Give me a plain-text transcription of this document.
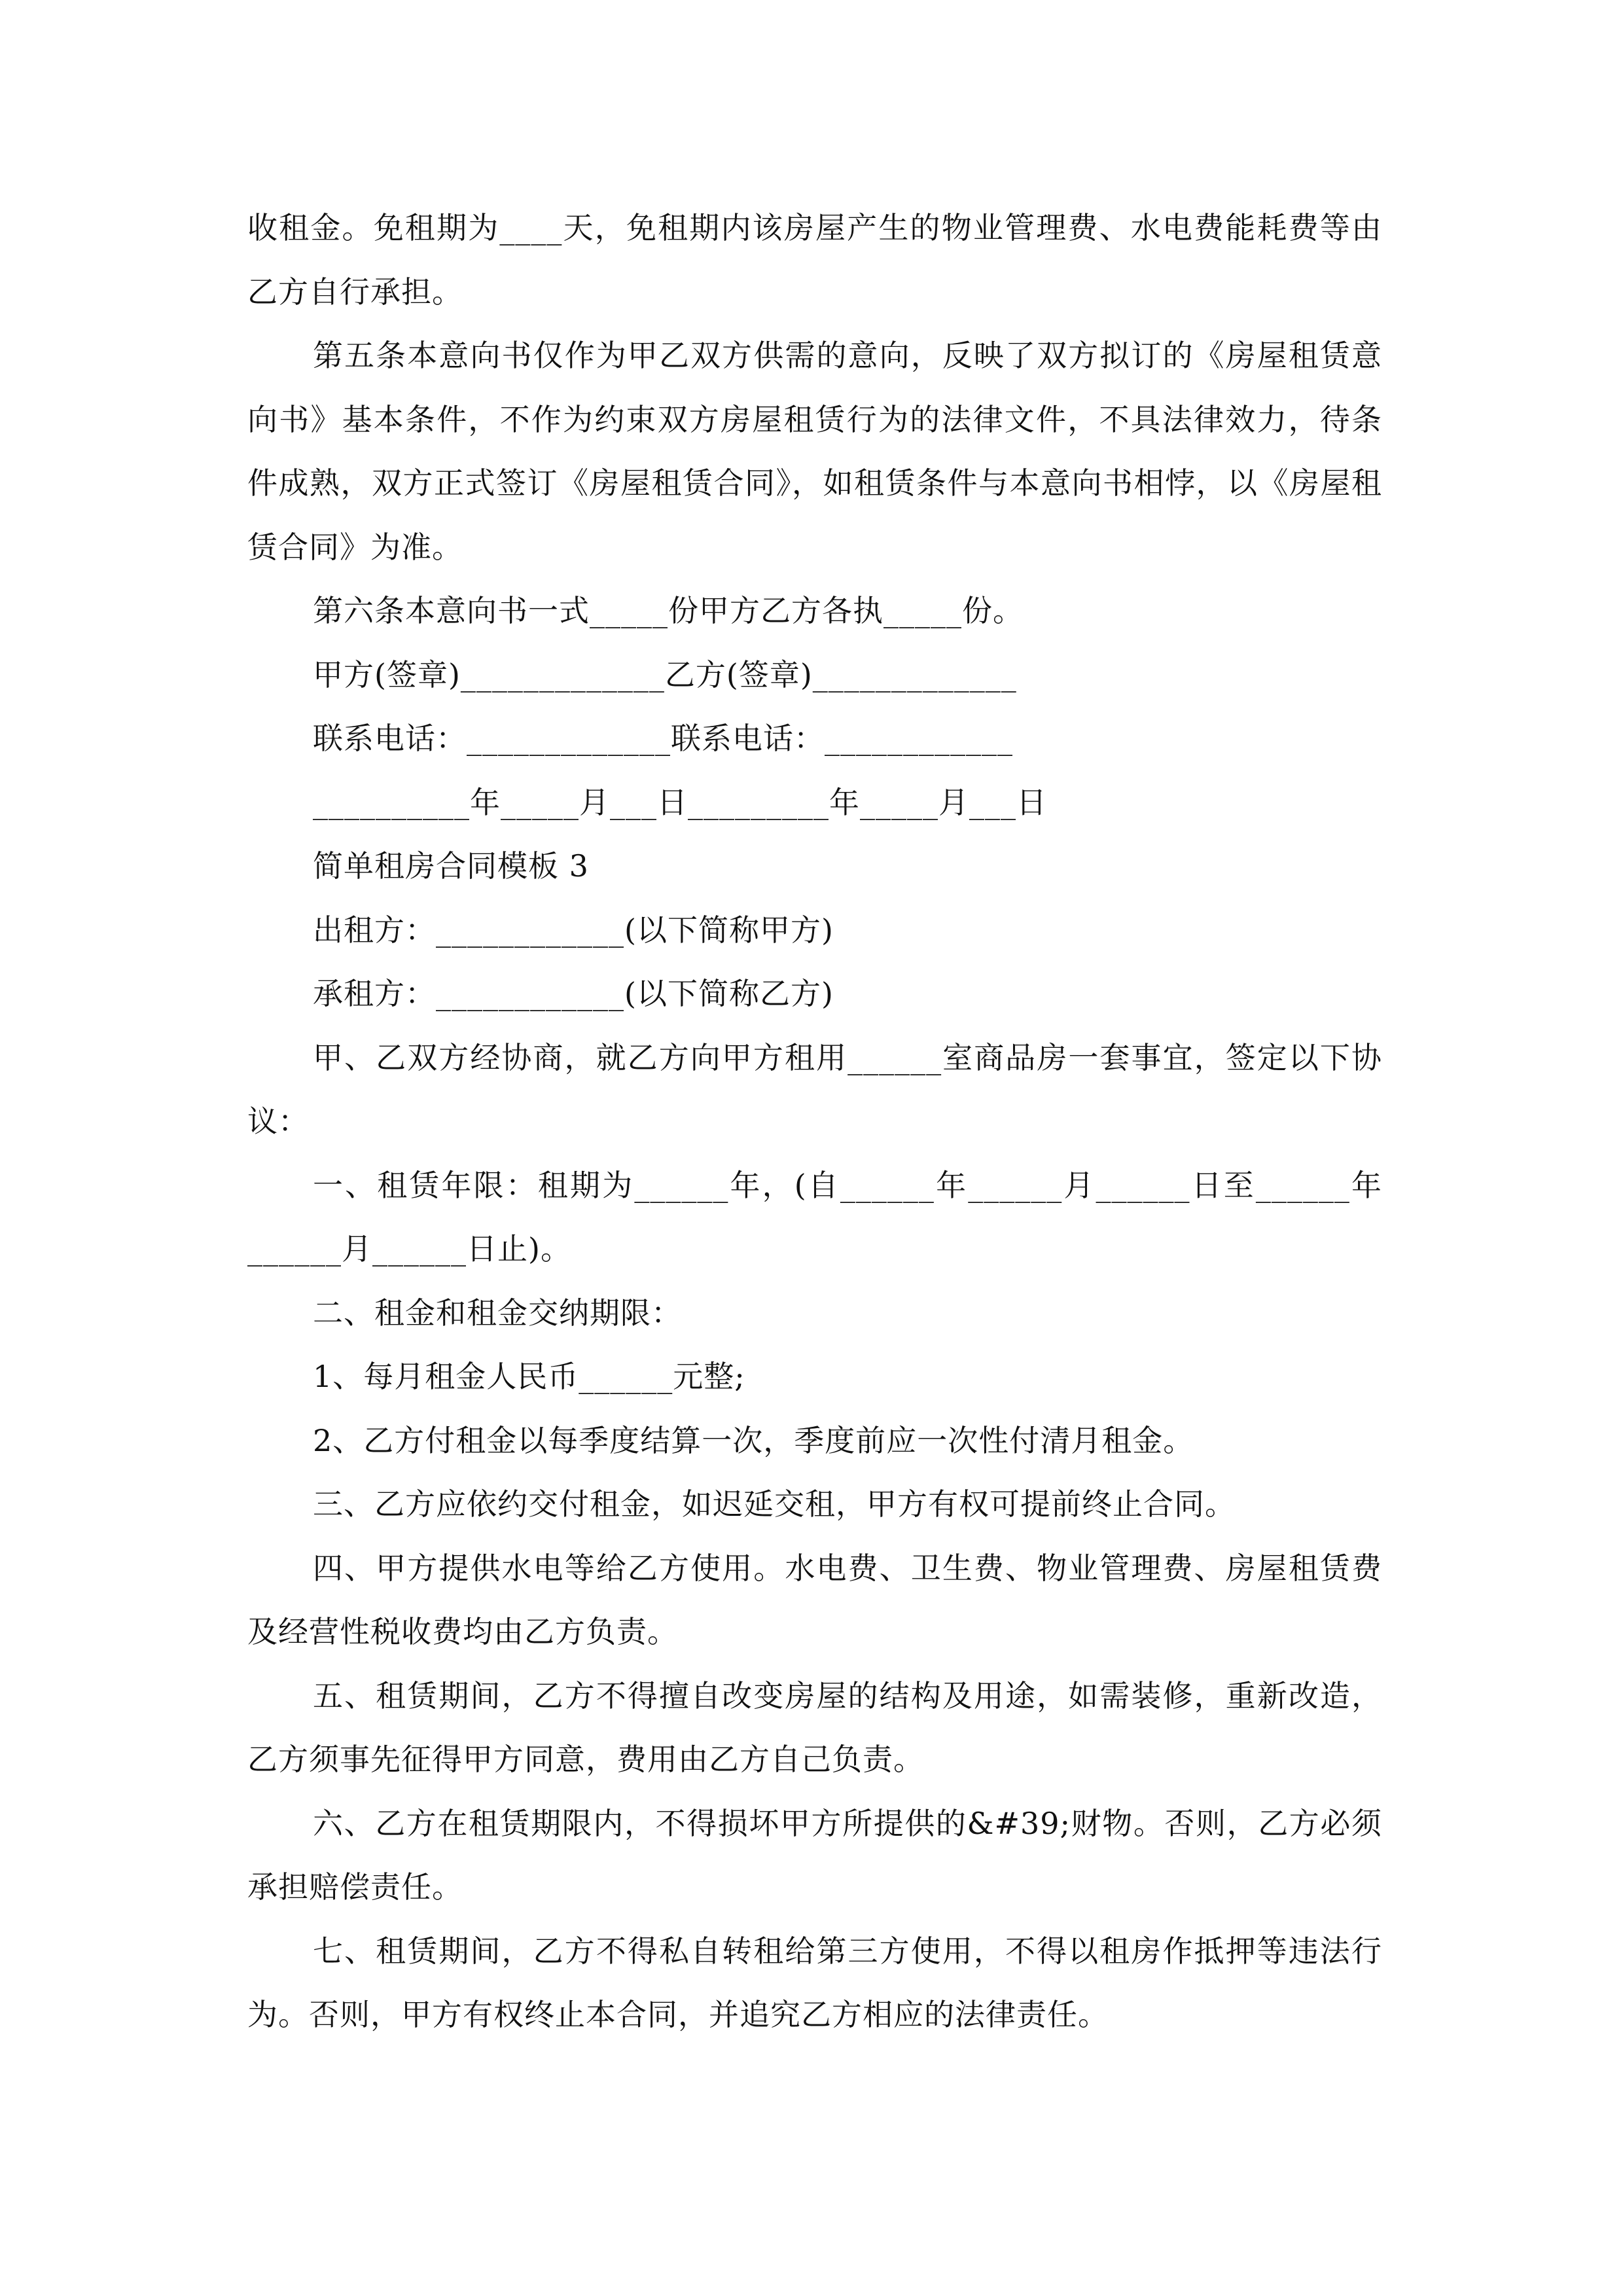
收租金。免租期为____天，免租期内该房屋产生的物业管理费、水电费能耗费等由乙方自行承担。

第五条本意向书仅作为甲乙双方供需的意向，反映了双方拟订的《房屋租赁意向书》基本条件，不作为约束双方房屋租赁行为的法律文件，不具法律效力，待条件成熟，双方正式签订《房屋租赁合同》，如租赁条件与本意向书相悖，以《房屋租赁合同》为准。

第六条本意向书一式_____份甲方乙方各执_____份。

甲方(签章)_____________乙方(签章)_____________

联系电话：_____________联系电话：____________

__________年_____月___日_________年_____月___日

简单租房合同模板 3

出租方：____________(以下简称甲方)

承租方：____________(以下简称乙方)

甲、乙双方经协商，就乙方向甲方租用______室商品房一套事宜，签定以下协议：

一、租赁年限：租期为______年，(自______年______月______日至______年______月______日止)。

二、租金和租金交纳期限：

1、每月租金人民币______元整;

2、乙方付租金以每季度结算一次，季度前应一次性付清月租金。

三、乙方应依约交付租金，如迟延交租，甲方有权可提前终止合同。

四、甲方提供水电等给乙方使用。水电费、卫生费、物业管理费、房屋租赁费及经营性税收费均由乙方负责。

五、租赁期间，乙方不得擅自改变房屋的结构及用途，如需装修，重新改造，乙方须事先征得甲方同意，费用由乙方自己负责。

六、乙方在租赁期限内，不得损坏甲方所提供的&#39;财物。否则，乙方必须承担赔偿责任。

七、租赁期间，乙方不得私自转租给第三方使用，不得以租房作抵押等违法行为。否则，甲方有权终止本合同，并追究乙方相应的法律责任。
